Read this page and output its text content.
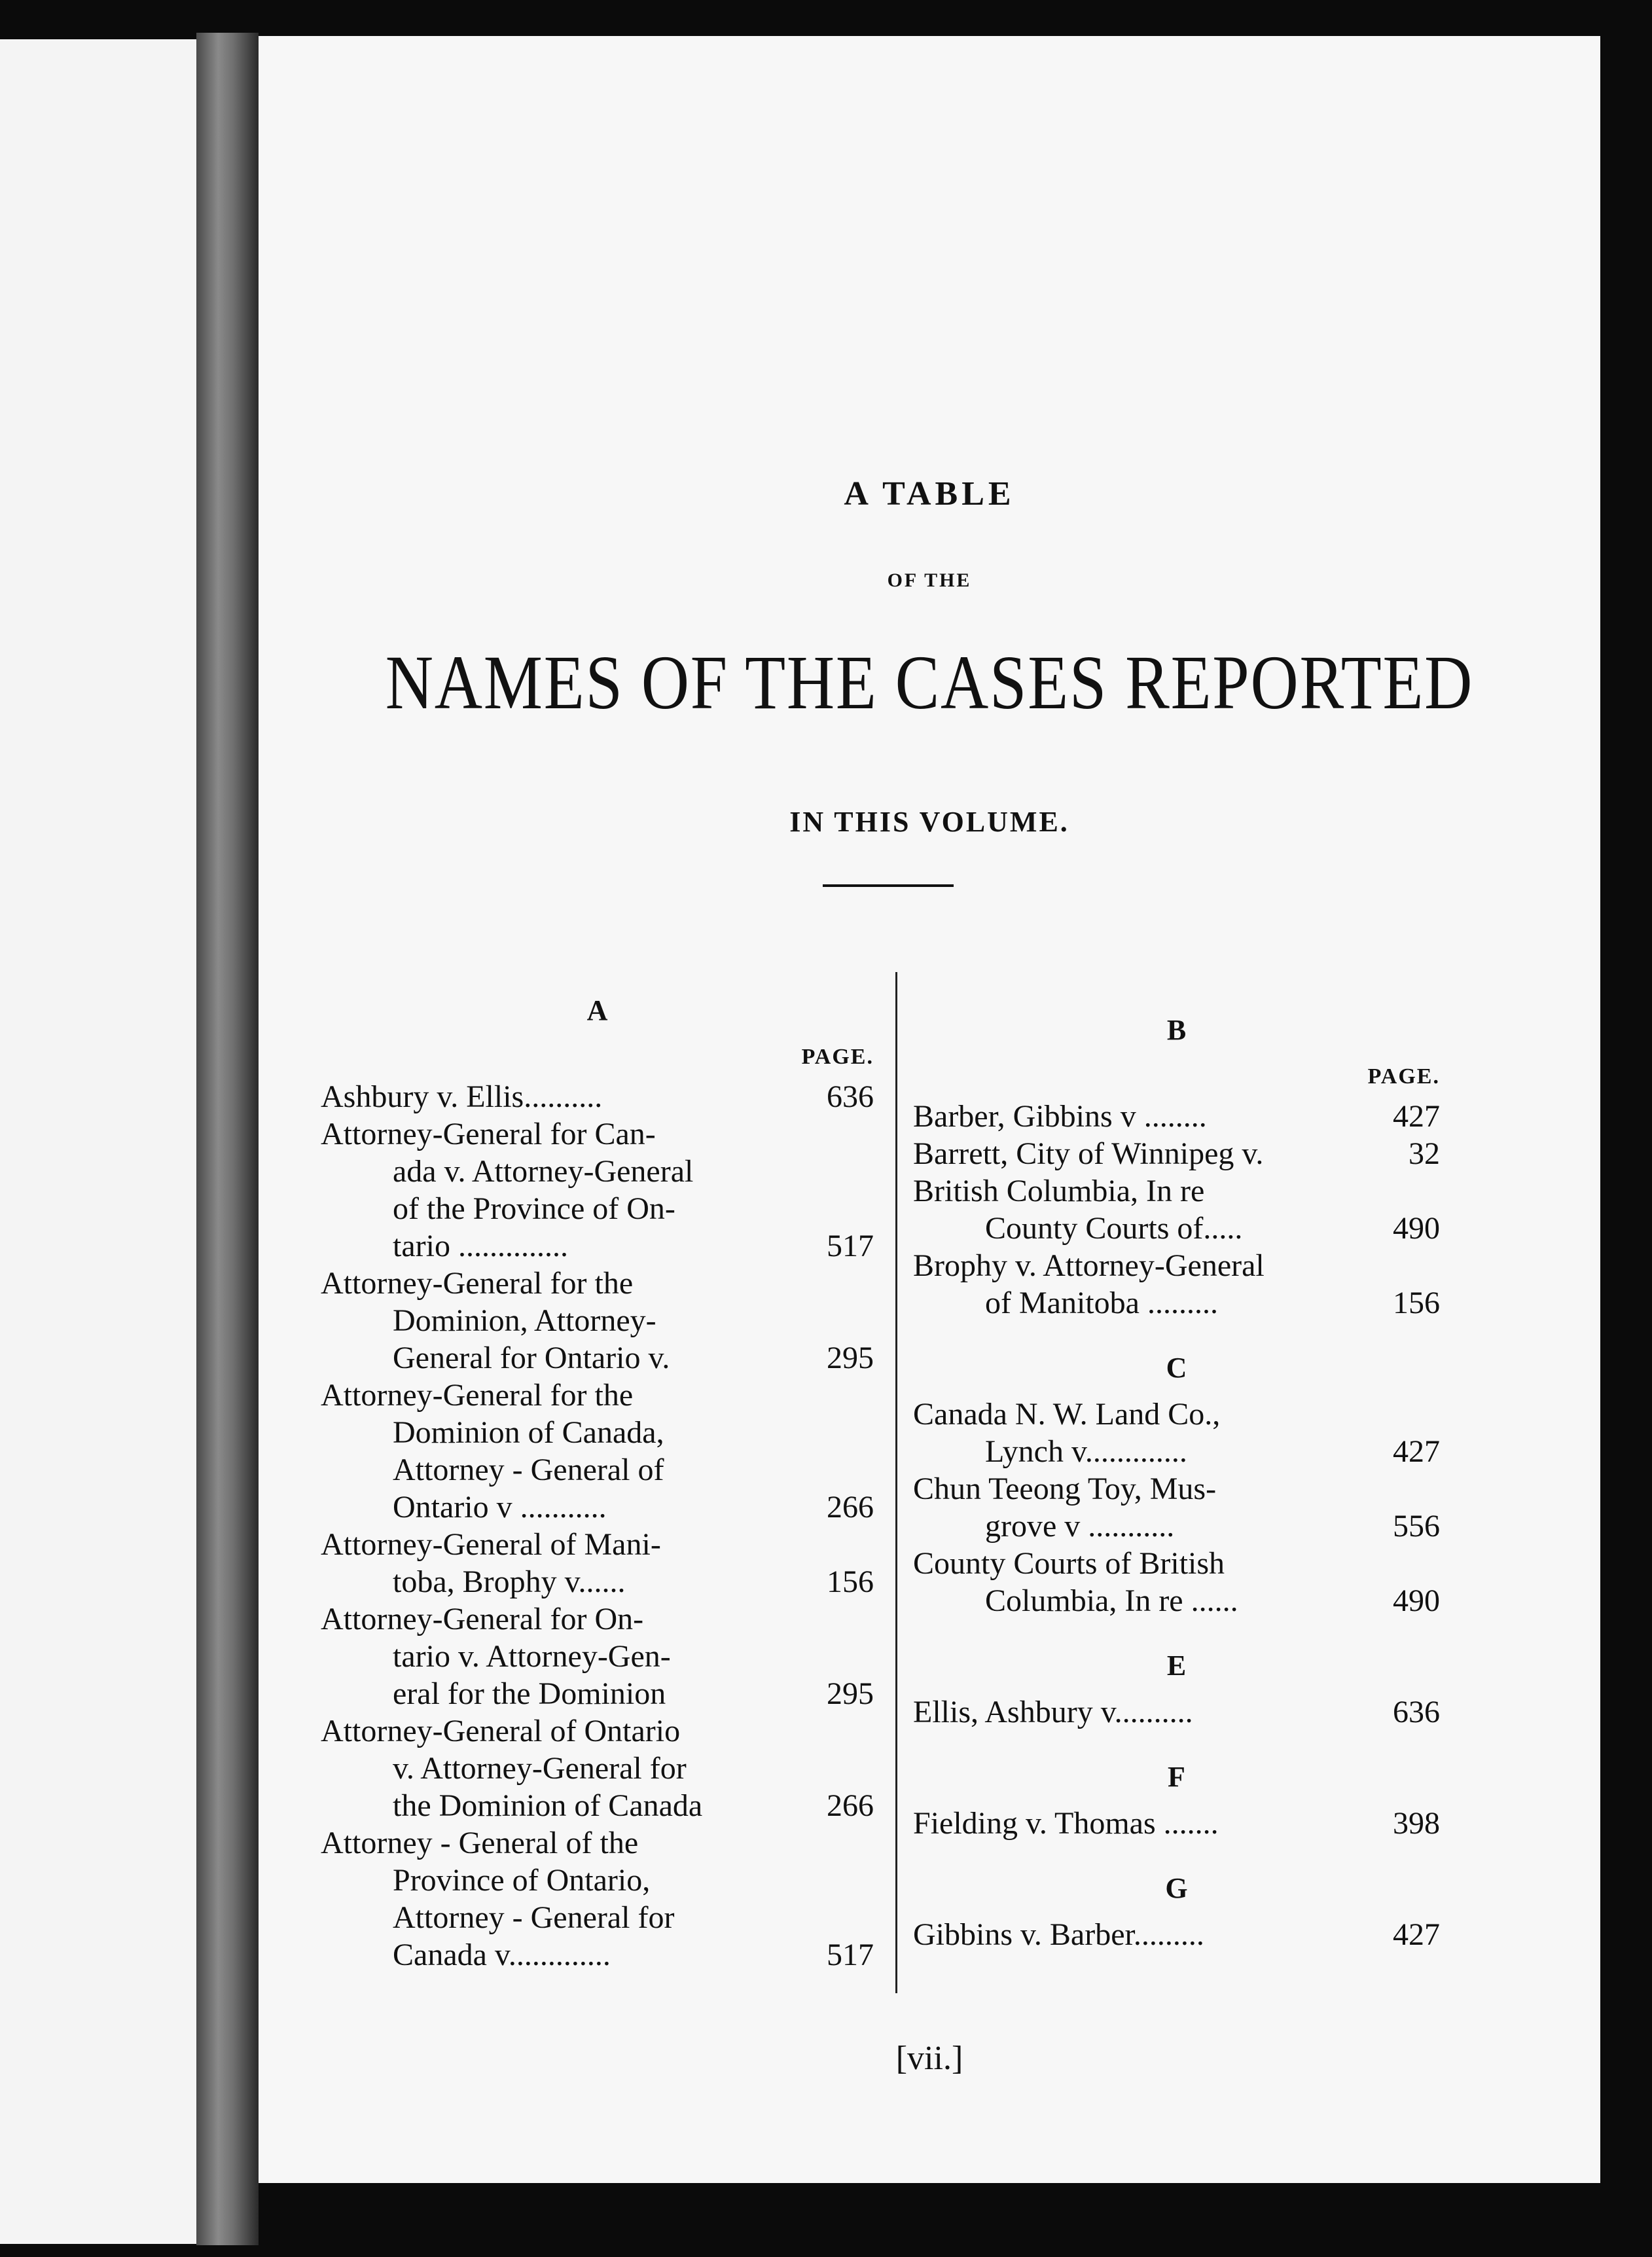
A TABLE
OF THE
NAMES OF THE CASES REPORTED
IN THIS VOLUME.
A
PAGE.
Ashbury v. Ellis..........	636
Attorney-General for Can-
ada v. Attorney-General
of the Province of On-
tario ..............	517
Attorney-General for the
Dominion, Attorney-
General for Ontario v.	295
Attorney-General for the
Dominion of Canada,
Attorney - General of
Ontario v ...........	266
Attorney-General of Mani-
toba, Brophy v......	156
Attorney-General for On-
tario v. Attorney-Gen-
eral for the Dominion	295
Attorney-General of Ontario
v. Attorney-General for
the Dominion of Canada	266
Attorney - General of the
Province of Ontario,
Attorney - General for
Canada v.............	517
B
PAGE.
Barber, Gibbins v ........	427
Barrett, City of Winnipeg v.	32
British Columbia, In re
County Courts of.....	490
Brophy v. Attorney-General
of Manitoba .........	156
C
Canada N. W. Land Co.,
Lynch v.............	427
Chun Teeong Toy, Mus-
grove v ...........	556
County Courts of British
Columbia, In re ......	490
E
Ellis, Ashbury v..........	636
F
Fielding v. Thomas .......	398
G
Gibbins v. Barber.........	427
[vii.]
